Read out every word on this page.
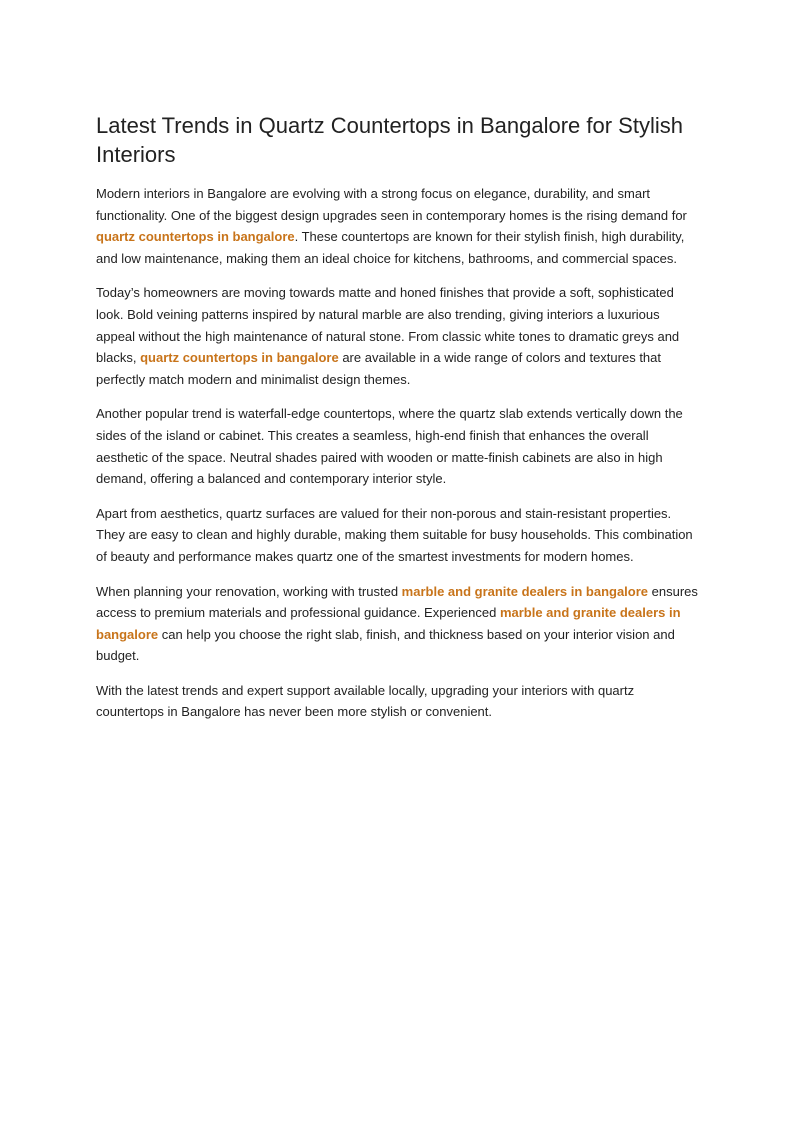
Latest Trends in Quartz Countertops in Bangalore for Stylish Interiors

Modern interiors in Bangalore are evolving with a strong focus on elegance, durability, and smart functionality. One of the biggest design upgrades seen in contemporary homes is the rising demand for quartz countertops in bangalore. These countertops are known for their stylish finish, high durability, and low maintenance, making them an ideal choice for kitchens, bathrooms, and commercial spaces.

Today’s homeowners are moving towards matte and honed finishes that provide a soft, sophisticated look. Bold veining patterns inspired by natural marble are also trending, giving interiors a luxurious appeal without the high maintenance of natural stone. From classic white tones to dramatic greys and blacks, quartz countertops in bangalore are available in a wide range of colors and textures that perfectly match modern and minimalist design themes.

Another popular trend is waterfall-edge countertops, where the quartz slab extends vertically down the sides of the island or cabinet. This creates a seamless, high-end finish that enhances the overall aesthetic of the space. Neutral shades paired with wooden or matte-finish cabinets are also in high demand, offering a balanced and contemporary interior style.

Apart from aesthetics, quartz surfaces are valued for their non-porous and stain-resistant properties. They are easy to clean and highly durable, making them suitable for busy households. This combination of beauty and performance makes quartz one of the smartest investments for modern homes.

When planning your renovation, working with trusted marble and granite dealers in bangalore ensures access to premium materials and professional guidance. Experienced marble and granite dealers in bangalore can help you choose the right slab, finish, and thickness based on your interior vision and budget.

With the latest trends and expert support available locally, upgrading your interiors with quartz countertops in Bangalore has never been more stylish or convenient.
